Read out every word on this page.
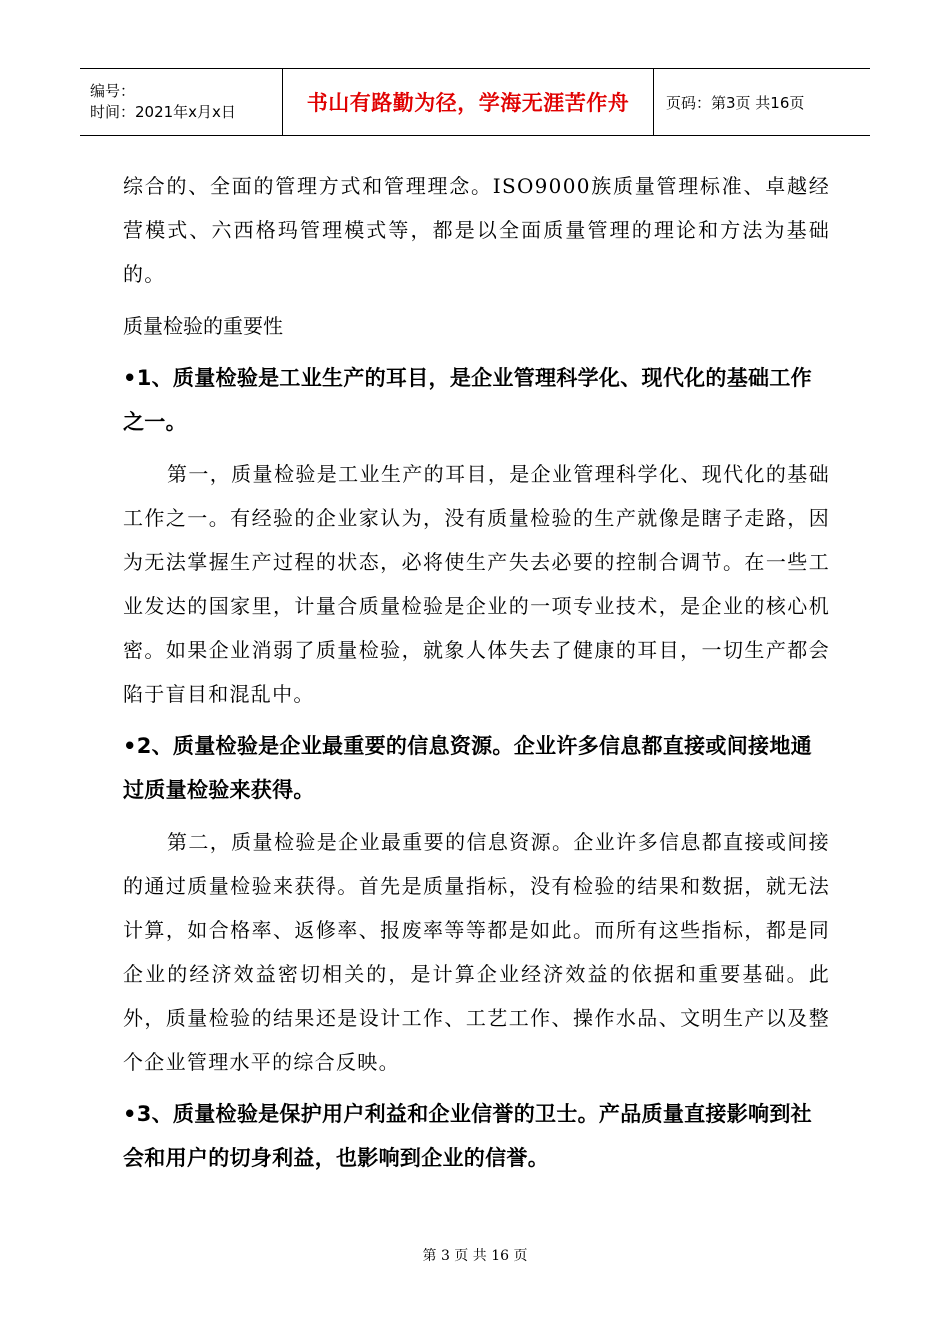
编号：
时间：2021年x月x日	书山有路勤为径，学海无涯苦作舟 页码：第3页 共16页

综合的、全面的管理方式和管理理念。ISO9000族质量管理标准、卓越经营模式、六西格玛管理模式等，都是以全面质量管理的理论和方法为基础的。

质量检验的重要性

•1、质量检验是工业生产的耳目，是企业管理科学化、现代化的基础工作之一。

第一，质量检验是工业生产的耳目，是企业管理科学化、现代化的基础工作之一。有经验的企业家认为，没有质量检验的生产就像是瞎子走路，因为无法掌握生产过程的状态，必将使生产失去必要的控制合调节。在一些工业发达的国家里，计量合质量检验是企业的一项专业技术，是企业的核心机密。如果企业消弱了质量检验，就象人体失去了健康的耳目，一切生产都会陷于盲目和混乱中。

•2、质量检验是企业最重要的信息资源。企业许多信息都直接或间接地通过质量检验来获得。

第二，质量检验是企业最重要的信息资源。企业许多信息都直接或间接的通过质量检验来获得。首先是质量指标，没有检验的结果和数据，就无法计算，如合格率、返修率、报废率等等都是如此。而所有这些指标，都是同企业的经济效益密切相关的，是计算企业经济效益的依据和重要基础。此外，质量检验的结果还是设计工作、工艺工作、操作水品、文明生产以及整个企业管理水平的综合反映。

•3、质量检验是保护用户利益和企业信誉的卫士。产品质量直接影响到社会和用户的切身利益，也影响到企业的信誉。

第 3 页 共 16 页
